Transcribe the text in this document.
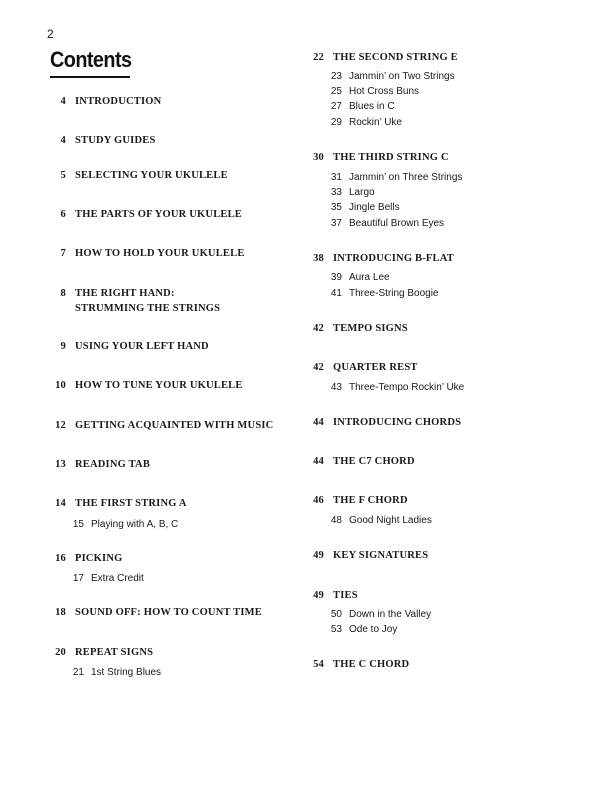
2
Contents
4 INTRODUCTION
4 STUDY GUIDES
5 SELECTING YOUR UKULELE
6 THE PARTS OF YOUR UKULELE
7 HOW TO HOLD YOUR UKULELE
8 THE RIGHT HAND:
STRUMMING THE STRINGS
9 USING YOUR LEFT HAND
10 HOW TO TUNE YOUR UKULELE
12 GETTING ACQUAINTED WITH MUSIC
13 READING TAB
14 THE FIRST STRING A
15 Playing with A, B, C
16 PICKING
17 Extra Credit
18 SOUND OFF: HOW TO COUNT TIME
20 REPEAT SIGNS
21 1st String Blues
22 THE SECOND STRING E
23 Jammin’ on Two Strings
25 Hot Cross Buns
27 Blues in C
29 Rockin’ Uke
30 THE THIRD STRING C
31 Jammin’ on Three Strings
33 Largo
35 Jingle Bells
37 Beautiful Brown Eyes
38 INTRODUCING B-FLAT
39 Aura Lee
41 Three-String Boogie
42 TEMPO SIGNS
42 QUARTER REST
43 Three-Tempo Rockin’ Uke
44 INTRODUCING CHORDS
44 THE C7 CHORD
46 THE F CHORD
48 Good Night Ladies
49 KEY SIGNATURES
49 TIES
50 Down in the Valley
53 Ode to Joy
54 THE C CHORD
